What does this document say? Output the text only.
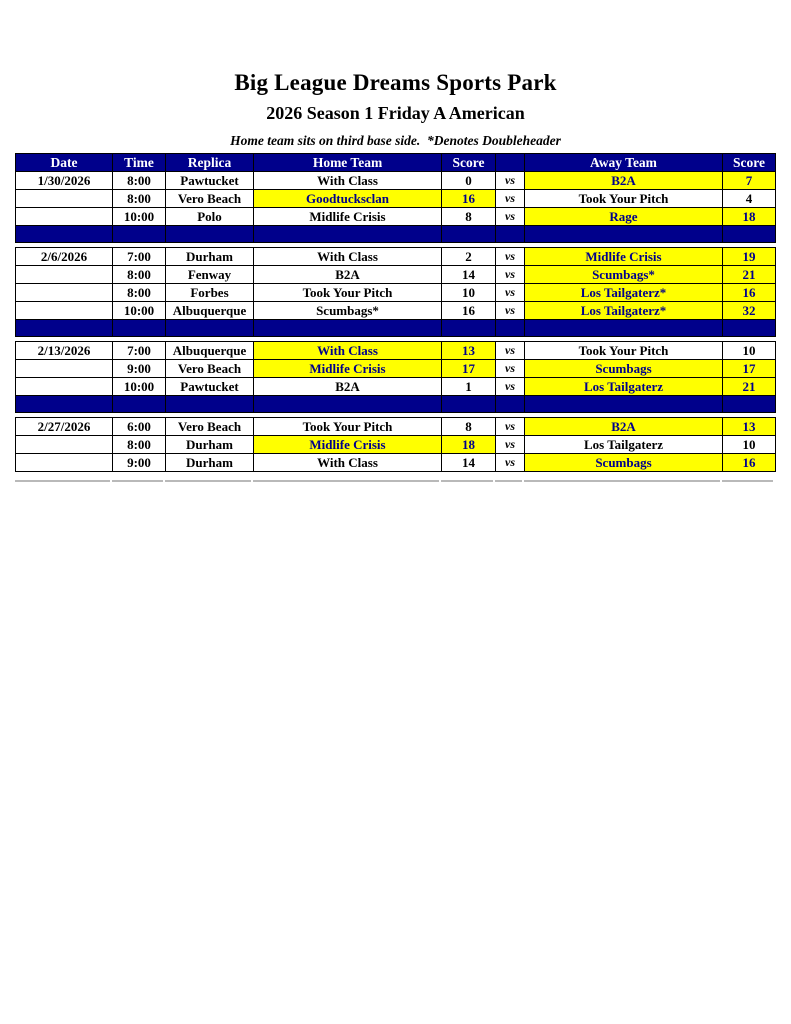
Big League Dreams Sports Park
2026 Season 1 Friday A American

Home team sits on third base side.  *Denotes Doubleheader

Date	Time	Replica	Home Team	Score		Away Team	Score
1/30/2026	8:00	Pawtucket	With Class	0	vs	B2A	7
	8:00	Vero Beach	Goodtucksclan	16	vs	Took Your Pitch	4
	10:00	Polo	Midlife Crisis	8	vs	Rage	18

2/6/2026	7:00	Durham	With Class	2	vs	Midlife Crisis	19
	8:00	Fenway	B2A	14	vs	Scumbags*	21
	8:00	Forbes	Took Your Pitch	10	vs	Los Tailgaterz*	16
	10:00	Albuquerque	Scumbags*	16	vs	Los Tailgaterz*	32

2/13/2026	7:00	Albuquerque	With Class	13	vs	Took Your Pitch	10
	9:00	Vero Beach	Midlife Crisis	17	vs	Scumbags	17
	10:00	Pawtucket	B2A	1	vs	Los Tailgaterz	21

2/27/2026	6:00	Vero Beach	Took Your Pitch	8	vs	B2A	13
	8:00	Durham	Midlife Crisis	18	vs	Los Tailgaterz	10
	9:00	Durham	With Class	14	vs	Scumbags	16
